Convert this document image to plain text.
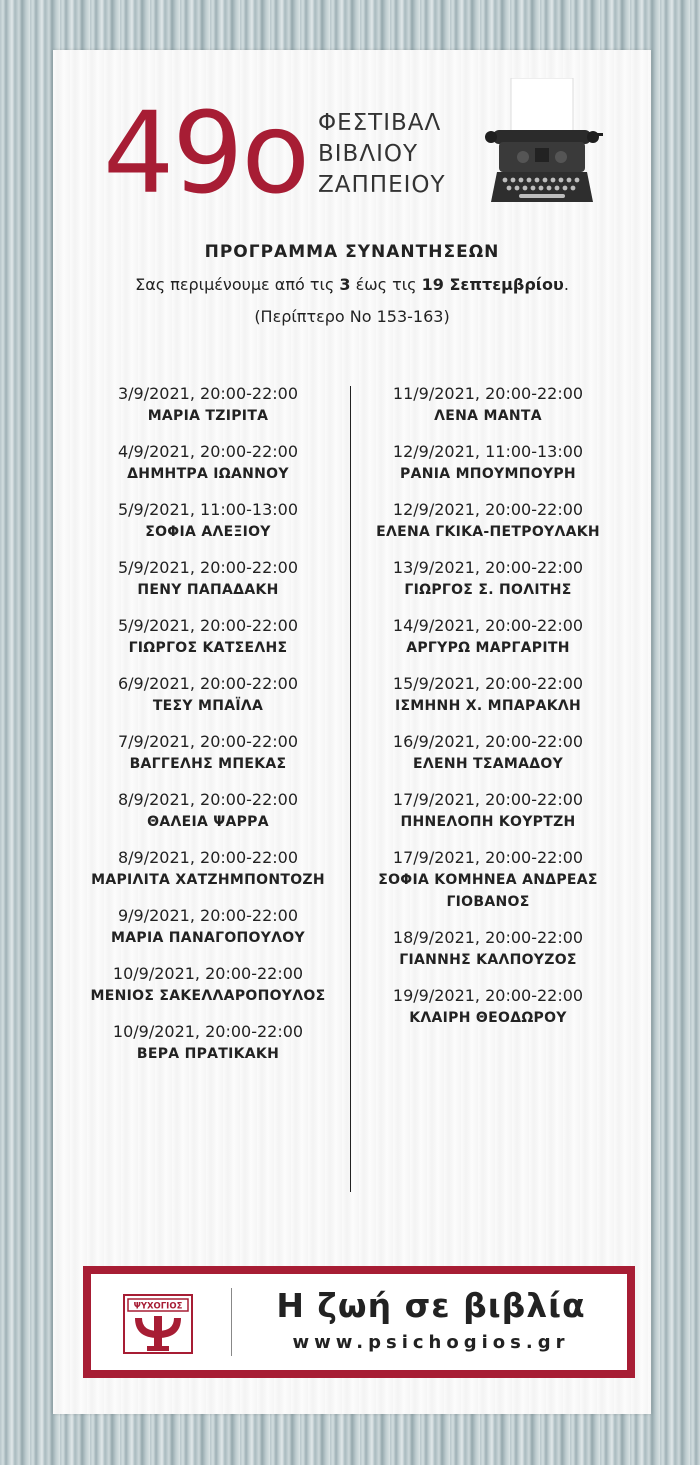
49o ΦΕΣΤΙΒΑΛ
ΒΙΒΛΙΟΥ
ΖΑΠΠΕΙΟΥ
ΠΡΟΓΡΑΜΜΑ ΣΥΝΑΝΤΗΣΕΩΝ
Σας περιμένουμε από τις 3 έως τις 19 Σεπτεμβρίου.
(Περίπτερο Νο 153-163)
3/9/2021, 20:00-22:00
ΜΑΡΙΑ ΤΖΙΡΙΤΑ
4/9/2021, 20:00-22:00
ΔΗΜΗΤΡΑ ΙΩΑΝΝΟΥ
5/9/2021, 11:00-13:00
ΣΟΦΙΑ ΑΛΕΞΙΟΥ
5/9/2021, 20:00-22:00
ΠΕΝΥ ΠΑΠΑΔΑΚΗ
5/9/2021, 20:00-22:00
ΓΙΩΡΓΟΣ ΚΑΤΣΕΛΗΣ
6/9/2021, 20:00-22:00
ΤΕΣΥ ΜΠΑΪΛΑ
7/9/2021, 20:00-22:00
ΒΑΓΓΕΛΗΣ ΜΠΕΚΑΣ
8/9/2021, 20:00-22:00
ΘΑΛΕΙΑ ΨΑΡΡΑ
8/9/2021, 20:00-22:00
ΜΑΡΙΛΙΤΑ ΧΑΤΖΗΜΠΟΝΤΟΖΗ
9/9/2021, 20:00-22:00
ΜΑΡΙΑ ΠΑΝΑΓΟΠΟΥΛΟΥ
10/9/2021, 20:00-22:00
ΜΕΝΙΟΣ ΣΑΚΕΛΛΑΡΟΠΟΥΛΟΣ
10/9/2021, 20:00-22:00
ΒΕΡΑ ΠΡΑΤΙΚΑΚΗ
11/9/2021, 20:00-22:00
ΛΕΝΑ ΜΑΝΤΑ
12/9/2021, 11:00-13:00
ΡΑΝΙΑ ΜΠΟΥΜΠΟΥΡΗ
12/9/2021, 20:00-22:00
ΕΛΕΝΑ ΓΚΙΚΑ-ΠΕΤΡΟΥΛΑΚΗ
13/9/2021, 20:00-22:00
ΓΙΩΡΓΟΣ Σ. ΠΟΛΙΤΗΣ
14/9/2021, 20:00-22:00
ΑΡΓΥΡΩ ΜΑΡΓΑΡΙΤΗ
15/9/2021, 20:00-22:00
ΙΣΜΗΝΗ Χ. ΜΠΑΡΑΚΛΗ
16/9/2021, 20:00-22:00
ΕΛΕΝΗ ΤΣΑΜΑΔΟΥ
17/9/2021, 20:00-22:00
ΠΗΝΕΛΟΠΗ ΚΟΥΡΤΖΗ
17/9/2021, 20:00-22:00
ΣΟΦΙΑ ΚΟΜΗΝΕΑ ΑΝΔΡΕΑΣ ΓΙΟΒΑΝΟΣ
18/9/2021, 20:00-22:00
ΓΙΑΝΝΗΣ ΚΑΛΠΟΥΖΟΣ
19/9/2021, 20:00-22:00
ΚΛΑΙΡΗ ΘΕΟΔΩΡΟΥ
ΨΥΧΟΓΙΟΣ	Η ζωή σε βιβλία
www.psichogios.gr
